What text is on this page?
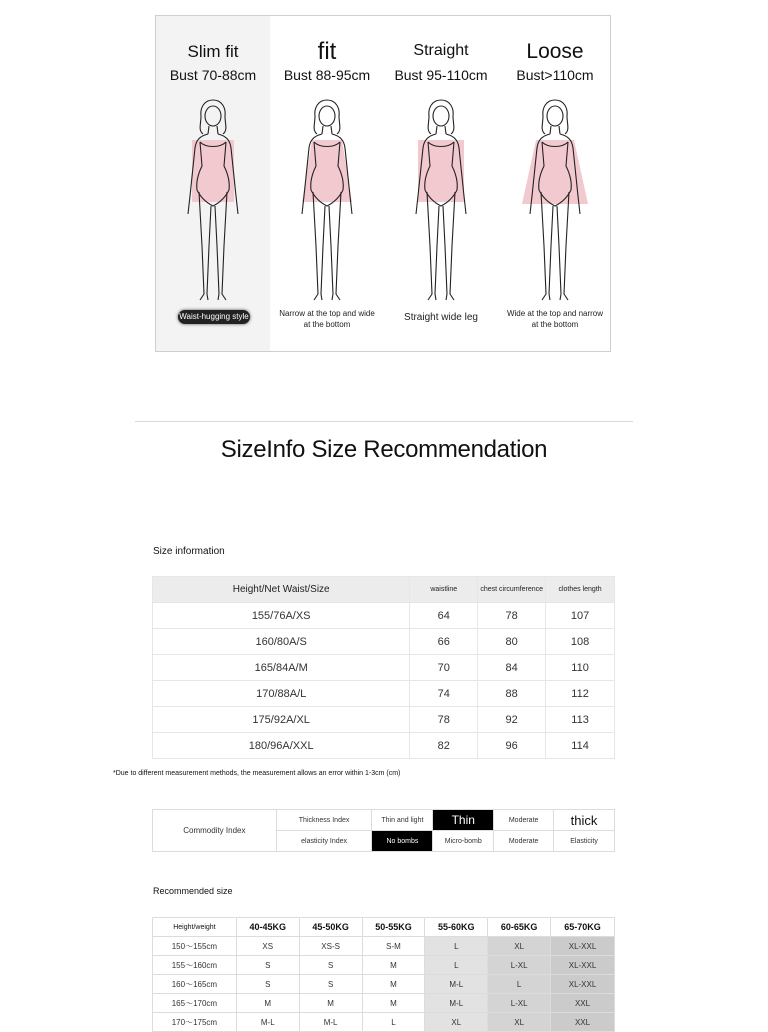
Slim fit
Bust 70-88cm
Waist-hugging style
fit
Bust 88-95cm
Narrow at the top and wide at the bottom
Straight
Bust 95-110cm
Straight wide leg
Loose
Bust>110cm
Wide at the top and narrow at the bottom
SizeInfo Size Recommendation
Size information
Height/Net Waist/Size	waistline	chest circumference	clothes length
155/76A/XS	64	78	107
160/80A/S	66	80	108
165/84A/M	70	84	110
170/88A/L	74	88	112
175/92A/XL	78	92	113
180/96A/XXL	82	96	114
*Due to different measurement methods, the measurement allows an error within 1-3cm (cm)
Commodity Index	Thickness Index	Thin and light	Thin	Moderate	thick
	elasticity Index	No bombs	Micro-bomb	Moderate	Elasticity
Recommended size
Height/weight	40-45KG	45-50KG	50-55KG	55-60KG	60-65KG	65-70KG
150～155cm	XS	XS-S	S-M	L	XL	XL-XXL
155～160cm	S	S	M	L	L-XL	XL-XXL
160～165cm	S	S	M	M-L	L	XL-XXL
165～170cm	M	M	M	M-L	L-XL	XXL
170～175cm	M-L	M-L	L	XL	XL	XXL
